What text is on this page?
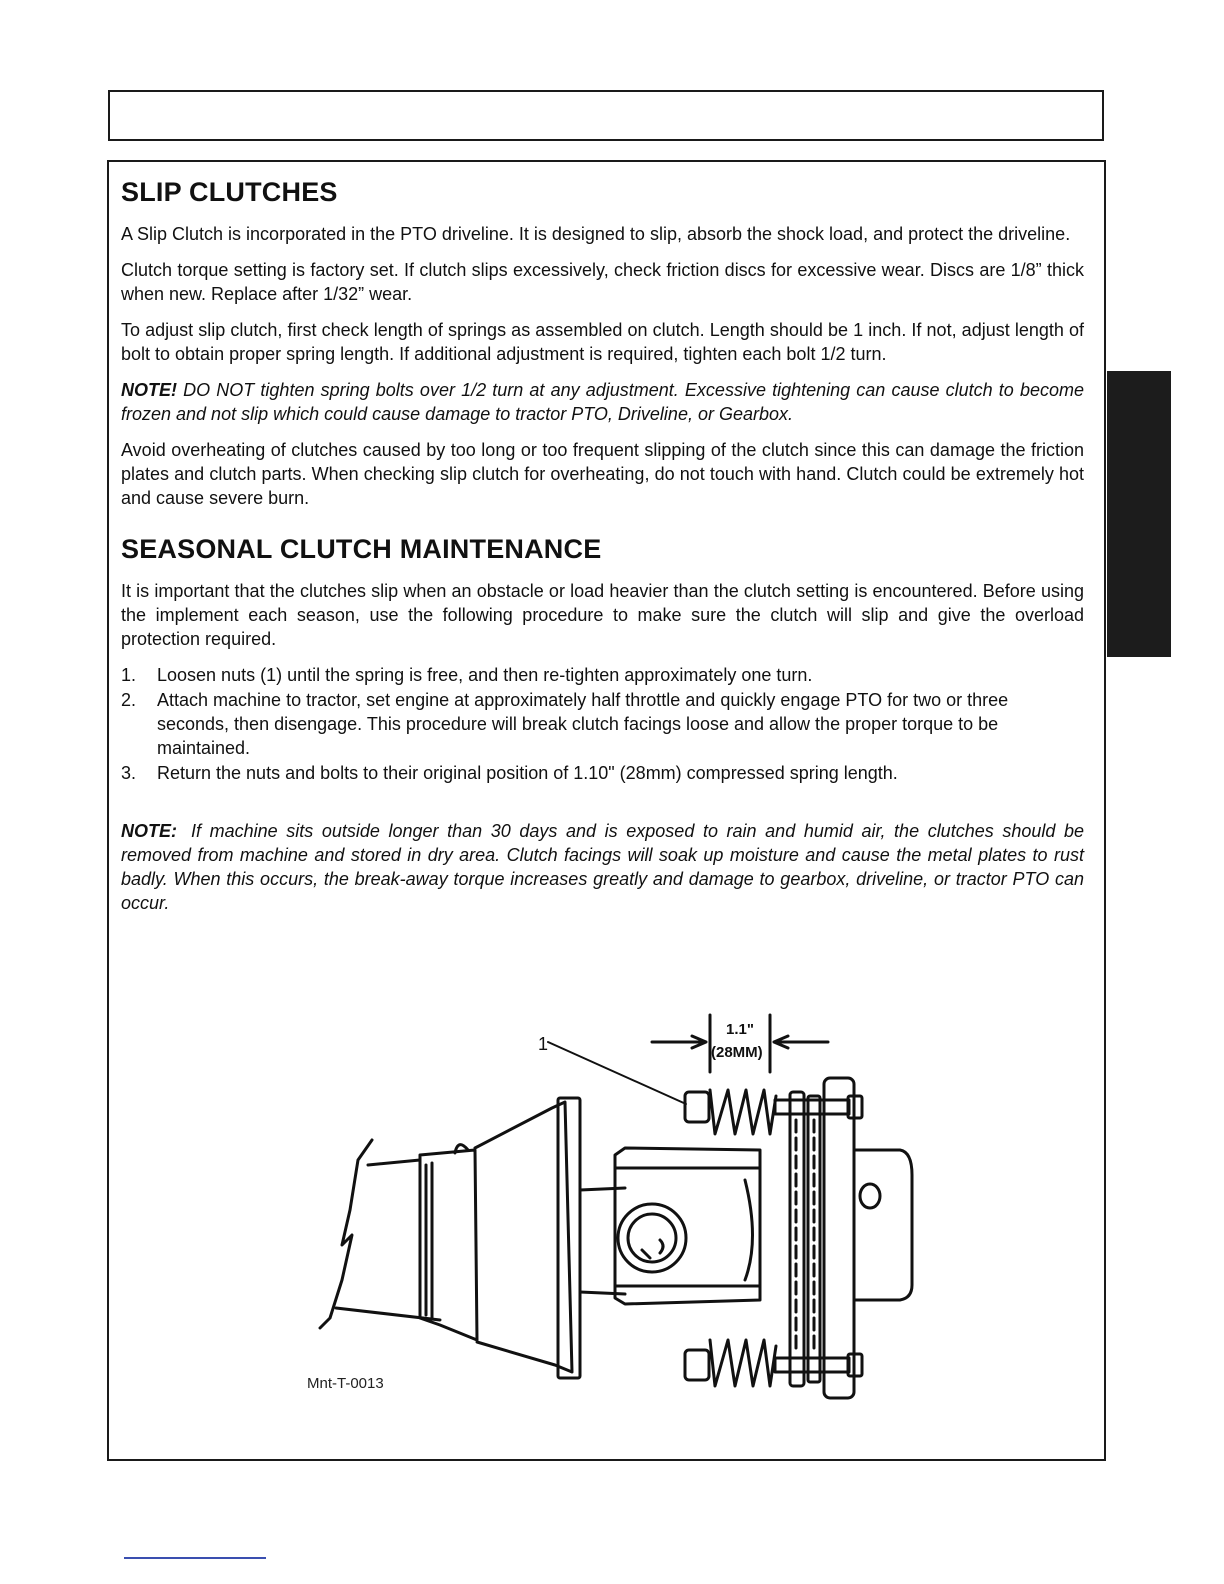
SLIP CLUTCHES

A Slip Clutch is incorporated in the PTO driveline. It is designed to slip, absorb the shock load, and protect the driveline.

Clutch torque setting is factory set. If clutch slips excessively, check friction discs for excessive wear. Discs are 1/8” thick when new. Replace after 1/32” wear.

To adjust slip clutch, first check length of springs as assembled on clutch. Length should be 1 inch. If not, adjust length of bolt to obtain proper spring length. If additional adjustment is required, tighten each bolt 1/2 turn.

NOTE! DO NOT tighten spring bolts over 1/2 turn at any adjustment. Excessive tightening can cause clutch to become frozen and not slip which could cause damage to tractor PTO, Driveline, or Gearbox.

Avoid overheating of clutches caused by too long or too frequent slipping of the clutch since this can damage the friction plates and clutch parts. When checking slip clutch for overheating, do not touch with hand. Clutch could be extremely hot and cause severe burn.

SEASONAL CLUTCH MAINTENANCE

It is important that the clutches slip when an obstacle or load heavier than the clutch setting is encountered. Before using the implement each season, use the following procedure to make sure the clutch will slip and give the overload protection required.

1. Loosen nuts (1) until the spring is free, and then re-tighten approximately one turn.
2. Attach machine to tractor, set engine at approximately half throttle and quickly engage PTO for two or three seconds, then disengage. This procedure will break clutch facings loose and allow the proper torque to be maintained.
3. Return the nuts and bolts to their original position of 1.10" (28mm) compressed spring length.

NOTE: If machine sits outside longer than 30 days and is exposed to rain and humid air, the clutches should be removed from machine and stored in dry area. Clutch facings will soak up moisture and cause the metal plates to rust badly. When this occurs, the break-away torque increases greatly and damage to gearbox, driveline, or tractor PTO can occur.

1
1.1"
(28MM)
Mnt-T-0013
